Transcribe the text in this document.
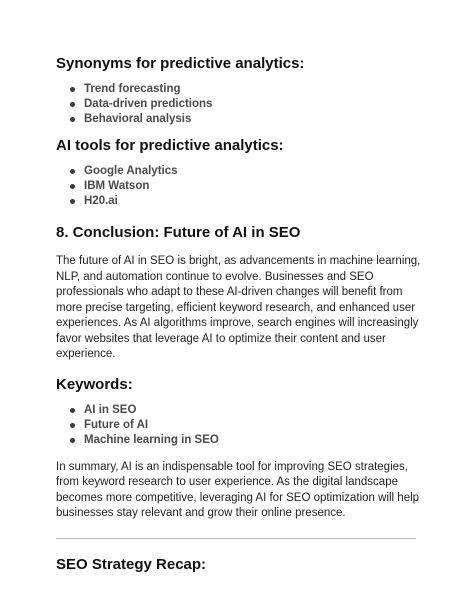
Synonyms for predictive analytics:
Trend forecasting
Data-driven predictions
Behavioral analysis
AI tools for predictive analytics:
Google Analytics
IBM Watson
H20.ai
8. Conclusion: Future of AI in SEO

The future of AI in SEO is bright, as advancements in machine learning, NLP, and automation continue to evolve. Businesses and SEO professionals who adapt to these AI-driven changes will benefit from more precise targeting, efficient keyword research, and enhanced user experiences. As AI algorithms improve, search engines will increasingly favor websites that leverage AI to optimize their content and user experience.

Keywords:
AI in SEO
Future of AI
Machine learning in SEO

In summary, AI is an indispensable tool for improving SEO strategies, from keyword research to user experience. As the digital landscape becomes more competitive, leveraging AI for SEO optimization will help businesses stay relevant and grow their online presence.

SEO Strategy Recap:
